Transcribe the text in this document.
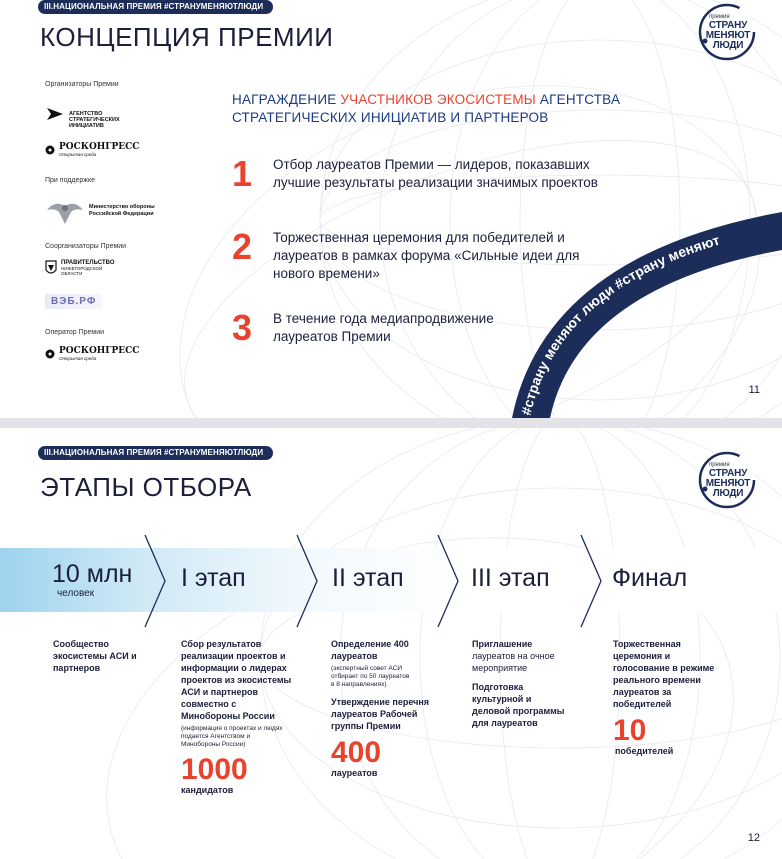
III.НАЦИОНАЛЬНАЯ ПРЕМИЯ #СТРАНУМЕНЯЮТЛЮДИ
КОНЦЕПЦИЯ ПРЕМИИ
премия
СТРАНУ
МЕНЯЮТ
ЛЮДИ
Организаторы Премии
АГЕНТСТВО
СТРАТЕГИЧЕСКИХ
ИНИЦИАТИВ
РОСКОНГРЕСС
Открытая среда
При поддержке
Министерство обороны
Российской Федерации
Соорганизаторы Премии
ПРАВИТЕЛЬСТВО
НИЖЕГОРОДСКОЙ
ОБЛАСТИ
ВЭБ.РФ
Оператор Премии
РОСКОНГРЕСС
Открытая среда
НАГРАЖДЕНИЕ УЧАСТНИКОВ ЭКОСИСТЕМЫ АГЕНТСТВА
СТРАТЕГИЧЕСКИХ ИНИЦИАТИВ И ПАРТНЕРОВ
1 Отбор лауреатов Премии — лидеров, показавших лучшие результаты реализации значимых проектов
2 Торжественная церемония для победителей и лауреатов в рамках форума «Сильные идеи для нового времени»
3 В течение года медиапродвижение лауреатов Премии
#страну меняют люди #страну меняют
11
III.НАЦИОНАЛЬНАЯ ПРЕМИЯ #СТРАНУМЕНЯЮТЛЮДИ
ЭТАПЫ ОТБОРА
премия
СТРАНУ
МЕНЯЮТ
ЛЮДИ
10 млн
человек
I этап	II этап	III этап Финал
Сообщество экосистемы АСИ и партнеров
Сбор результатов реализации проектов и информации о лидерах проектов из экосистемы АСИ и партнеров совместно с Минобороны России
(информация о проектах и людях подается Агентством и Минобороны России)
1000
кандидатов
Определение 400 лауреатов
(экспертный совет АСИ отбирает по 50 лауреатов в 8 направлениях)
Утверждение перечня лауреатов Рабочей группы Премии
400
лауреатов
Приглашение
лауреатов на очное мероприятие
Подготовка культурной и деловой программы для лауреатов
Торжественная церемония и голосование в режиме реального времени лауреатов за победителей
10
победителей
12
